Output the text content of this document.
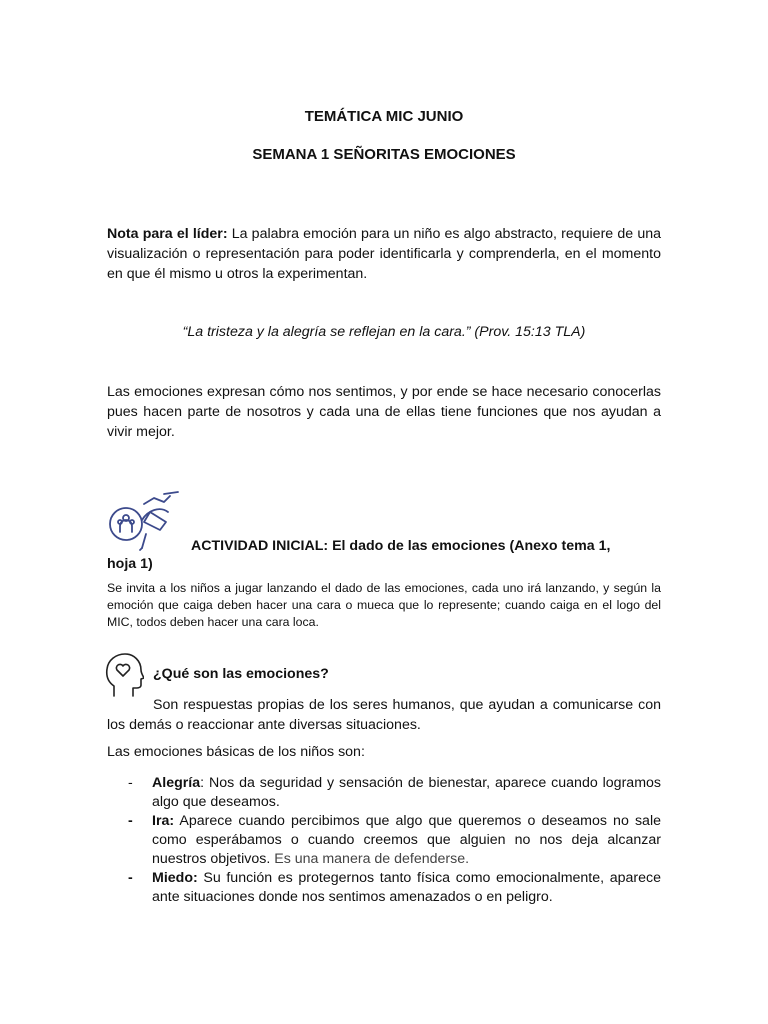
TEMÁTICA MIC JUNIO
SEMANA 1 SEÑORITAS EMOCIONES
Nota para el líder: La palabra emoción para un niño es algo abstracto, requiere de una visualización o representación para poder identificarla y comprenderla, en el momento en que él mismo u otros la experimentan.
“La tristeza y la alegría se reflejan en la cara.” (Prov. 15:13 TLA)
Las emociones expresan cómo nos sentimos, y por ende se hace necesario conocerlas pues hacen parte de nosotros y cada una de ellas tiene funciones que nos ayudan a vivir mejor.
ACTIVIDAD INICIAL: El dado de las emociones (Anexo tema 1,
hoja 1)
Se invita a los niños a jugar lanzando el dado de las emociones, cada uno irá lanzando, y según la emoción que caiga deben hacer una cara o mueca que lo represente; cuando caiga en el logo del MIC, todos deben hacer una cara loca.
¿Qué son las emociones?
Son respuestas propias de los seres humanos, que ayudan a comunicarse con los demás o reaccionar ante diversas situaciones.
Las emociones básicas de los niños son:
- Alegría: Nos da seguridad y sensación de bienestar, aparece cuando logramos algo que deseamos.
- Ira: Aparece cuando percibimos que algo que queremos o deseamos no sale como esperábamos o cuando creemos que alguien no nos deja alcanzar nuestros objetivos. Es una manera de defenderse.
- Miedo: Su función es protegernos tanto física como emocionalmente, aparece ante situaciones donde nos sentimos amenazados o en peligro.
